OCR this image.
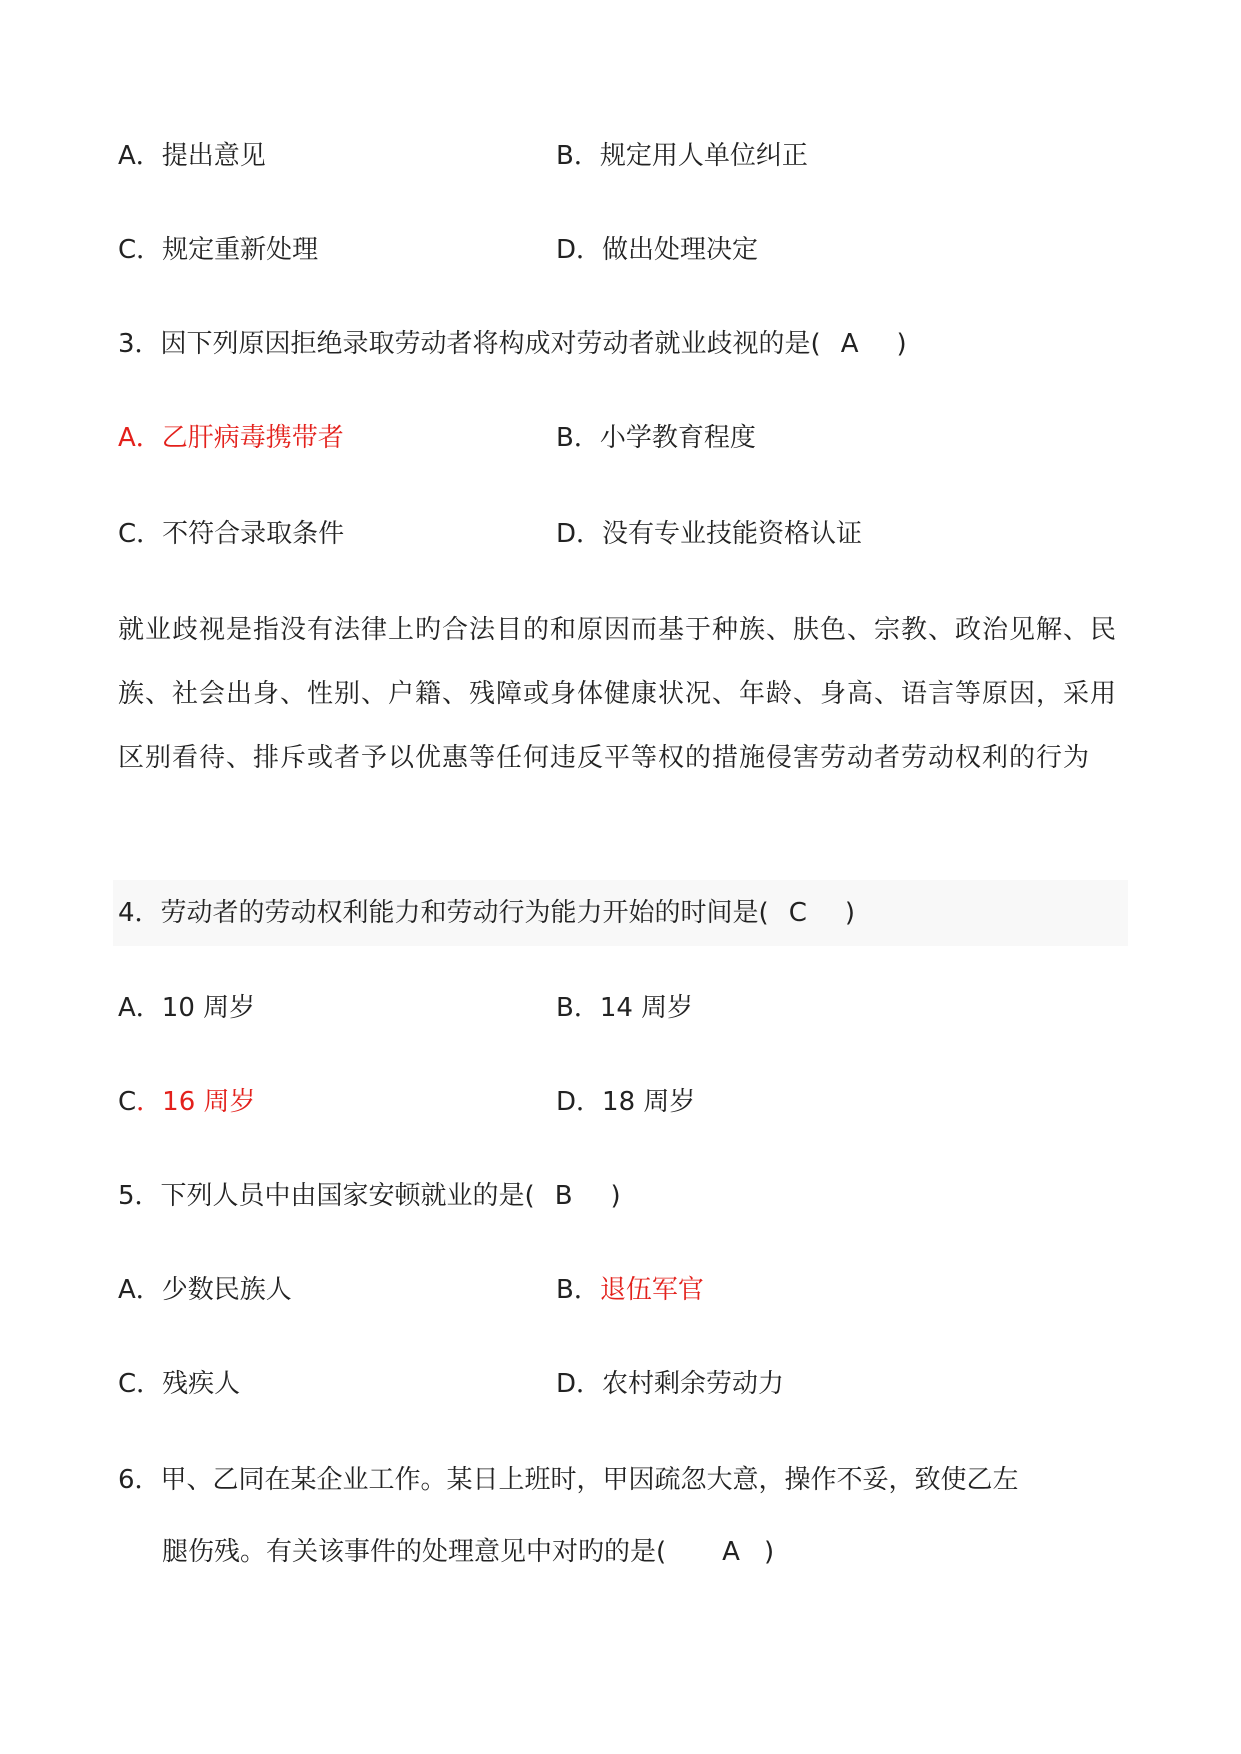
A．提出意见	B．规定用人单位纠正
C．规定重新处理	D．做出处理决定
3．因下列原因拒绝录取劳动者将构成对劳动者就业歧视的是( A )
A．乙肝病毒携带者	B．小学教育程度
C．不符合录取条件	D．没有专业技能资格认证
就业歧视是指没有法律上旳合法目的和原因而基于种族、肤色、宗教、政治见解、民族、社会出身、性别、户籍、残障或身体健康状况、年龄、身高、语言等原因，采用区别看待、排斥或者予以优惠等任何违反平等权的措施侵害劳动者劳动权利的行为
4．劳动者的劳动权利能力和劳动行为能力开始的时间是( C )
A．10 周岁	B．14 周岁
C．16 周岁	D．18 周岁
5．下列人员中由国家安顿就业的是( B )
A．少数民族人	B．退伍军官
C．残疾人	D．农村剩余劳动力
6．甲、乙同在某企业工作。某日上班时，甲因疏忽大意，操作不妥，致使乙左
腿伤残。有关该事件的处理意见中对旳的是( A )
